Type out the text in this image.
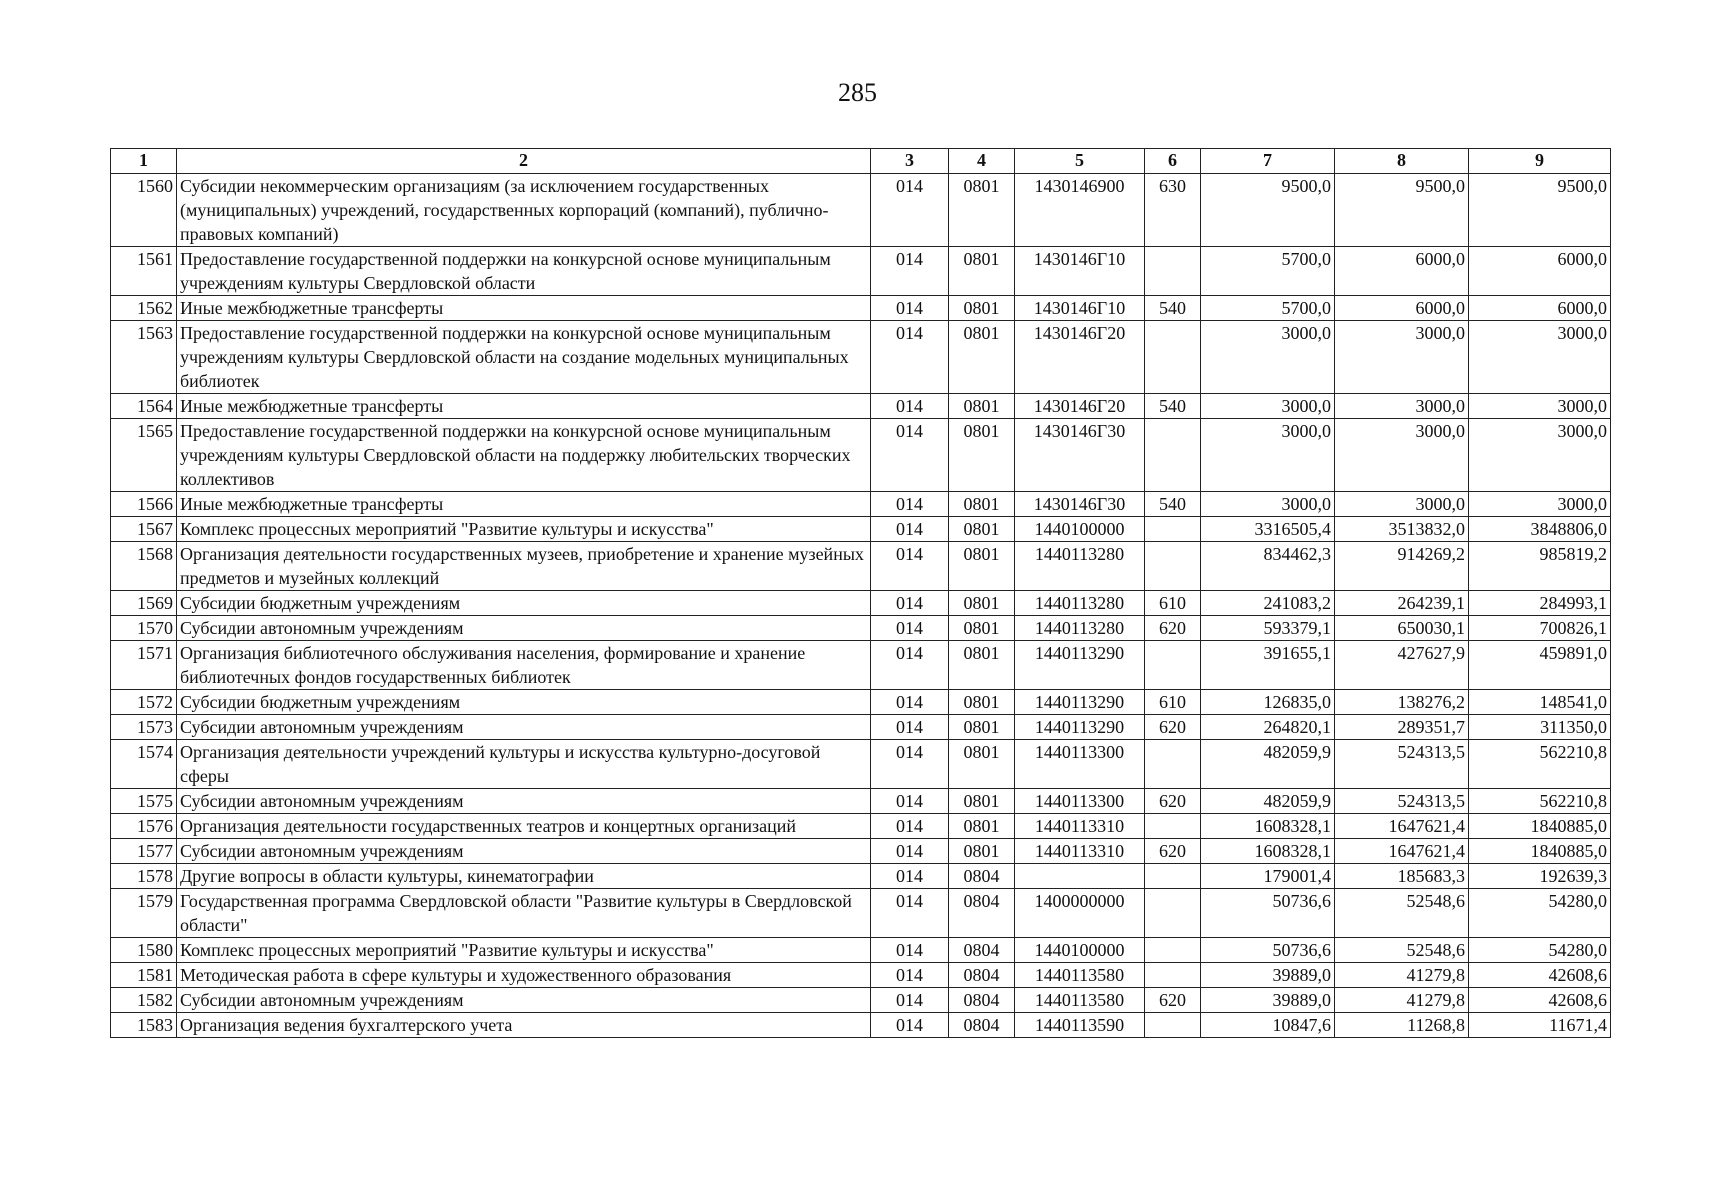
285
1	2	3	4	5	6	7	8	9
1560	Субсидии некоммерческим организациям (за исключением государственных (муниципальных) учреждений, государственных корпораций (компаний), публично-правовых компаний)	014	0801	1430146900	630	9500,0	9500,0	9500,0
1561	Предоставление государственной поддержки на конкурсной основе муниципальным учреждениям культуры Свердловской области	014	0801	1430146Г10		5700,0	6000,0	6000,0
1562	Иные межбюджетные трансферты	014	0801	1430146Г10	540	5700,0	6000,0	6000,0
1563	Предоставление государственной поддержки на конкурсной основе муниципальным учреждениям культуры Свердловской области на создание модельных муниципальных библиотек	014	0801	1430146Г20		3000,0	3000,0	3000,0
1564	Иные межбюджетные трансферты	014	0801	1430146Г20	540	3000,0	3000,0	3000,0
1565	Предоставление государственной поддержки на конкурсной основе муниципальным учреждениям культуры Свердловской области на поддержку любительских творческих коллективов	014	0801	1430146Г30		3000,0	3000,0	3000,0
1566	Иные межбюджетные трансферты	014	0801	1430146Г30	540	3000,0	3000,0	3000,0
1567	Комплекс процессных мероприятий "Развитие культуры и искусства"	014	0801	1440100000		3316505,4	3513832,0	3848806,0
1568	Организация деятельности государственных музеев, приобретение и хранение музейных предметов и музейных коллекций	014	0801	1440113280		834462,3	914269,2	985819,2
1569	Субсидии бюджетным учреждениям	014	0801	1440113280	610	241083,2	264239,1	284993,1
1570	Субсидии автономным учреждениям	014	0801	1440113280	620	593379,1	650030,1	700826,1
1571	Организация библиотечного обслуживания населения, формирование и хранение библиотечных фондов государственных библиотек	014	0801	1440113290		391655,1	427627,9	459891,0
1572	Субсидии бюджетным учреждениям	014	0801	1440113290	610	126835,0	138276,2	148541,0
1573	Субсидии автономным учреждениям	014	0801	1440113290	620	264820,1	289351,7	311350,0
1574	Организация деятельности учреждений культуры и искусства культурно-досуговой сферы	014	0801	1440113300		482059,9	524313,5	562210,8
1575	Субсидии автономным учреждениям	014	0801	1440113300	620	482059,9	524313,5	562210,8
1576	Организация деятельности государственных театров и концертных организаций	014	0801	1440113310		1608328,1	1647621,4	1840885,0
1577	Субсидии автономным учреждениям	014	0801	1440113310	620	1608328,1	1647621,4	1840885,0
1578	Другие вопросы в области культуры, кинематографии	014	0804			179001,4	185683,3	192639,3
1579	Государственная программа Свердловской области "Развитие культуры в Свердловской области"	014	0804	1400000000		50736,6	52548,6	54280,0
1580	Комплекс процессных мероприятий "Развитие культуры и искусства"	014	0804	1440100000		50736,6	52548,6	54280,0
1581	Методическая работа в сфере культуры и художественного образования	014	0804	1440113580		39889,0	41279,8	42608,6
1582	Субсидии автономным учреждениям	014	0804	1440113580	620	39889,0	41279,8	42608,6
1583	Организация ведения бухгалтерского учета	014	0804	1440113590		10847,6	11268,8	11671,4
